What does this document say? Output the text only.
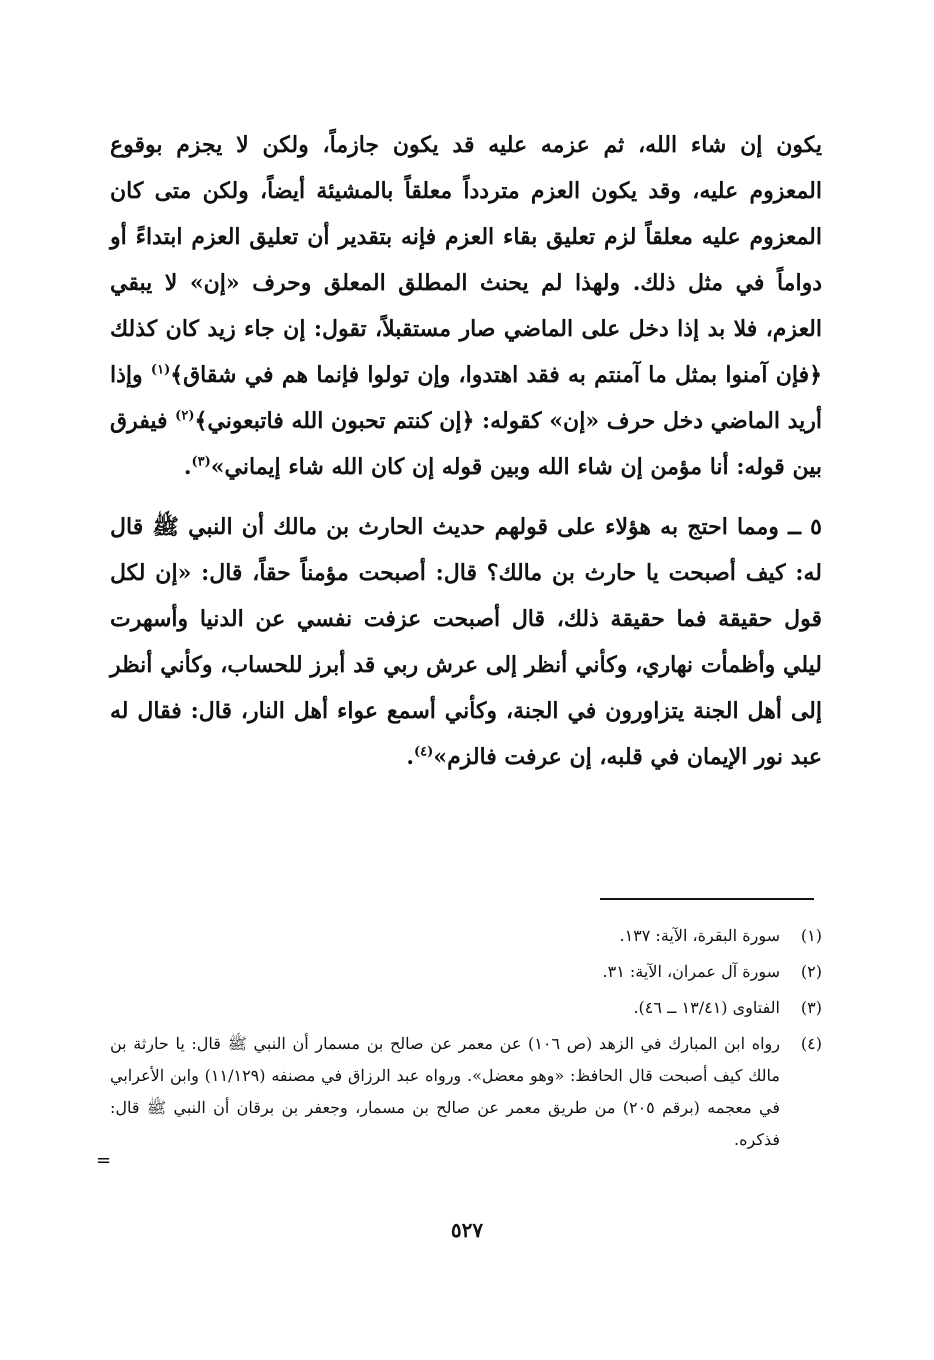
يكون إن شاء الله، ثم عزمه عليه قد يكون جازماً، ولكن لا يجزم بوقوع المعزوم عليه، وقد يكون العزم متردداً معلقاً بالمشيئة أيضاً، ولكن متى كان المعزوم عليه معلقاً لزم تعليق بقاء العزم فإنه بتقدير أن تعليق العزم ابتداءً أو دواماً في مثل ذلك. ولهذا لم يحنث المطلق المعلق وحرف «إن» لا يبقي العزم، فلا بد إذا دخل على الماضي صار مستقبلاً، تقول: إن جاء زيد كان كذلك ﴿فإن آمنوا بمثل ما آمنتم به فقد اهتدوا، وإن تولوا فإنما هم في شقاق﴾$^{(١)}$ وإذا أريد الماضي دخل حرف «إن» كقوله: ﴿إن كنتم تحبون الله فاتبعوني﴾$^{(٢)}$ فيفرق بين قوله: أنا مؤمن إن شاء الله وبين قوله إن كان الله شاء إيماني»$^{(٣)}$.

٥ ــ ومما احتج به هؤلاء على قولهم حديث الحارث بن مالك أن النبي ﷺ قال له: كيف أصبحت يا حارث بن مالك؟ قال: أصبحت مؤمناً حقاً، قال: «إن لكل قول حقيقة فما حقيقة ذلك، قال أصبحت عزفت نفسي عن الدنيا وأسهرت ليلي وأظمأت نهاري، وكأني أنظر إلى عرش ربي قد أبرز للحساب، وكأني أنظر إلى أهل الجنة يتزاورون في الجنة، وكأني أسمع عواء أهل النار، قال: فقال له عبد نور الإيمان في قلبه، إن عرفت فالزم»$^{(٤)}$.

(١)
سورة البقرة، الآية: ١٣٧.
(٢)
سورة آل عمران، الآية: ٣١.
(٣)
الفتاوى (١٣/٤١ ــ ٤٦).
(٤)
رواه ابن المبارك في الزهد (ص ١٠٦) عن معمر عن صالح بن مسمار أن النبي ﷺ قال: يا حارثة بن مالك كيف أصبحت قال الحافظ: «وهو معضل». ورواه عبد الرزاق في مصنفه (١١/١٢٩) وابن الأعرابي في معجمه (برقم ٢٠٥) من طريق معمر عن صالح بن مسمار، وجعفر بن برقان أن النبي ﷺ قال: فذكره.
=
٥٢٧
